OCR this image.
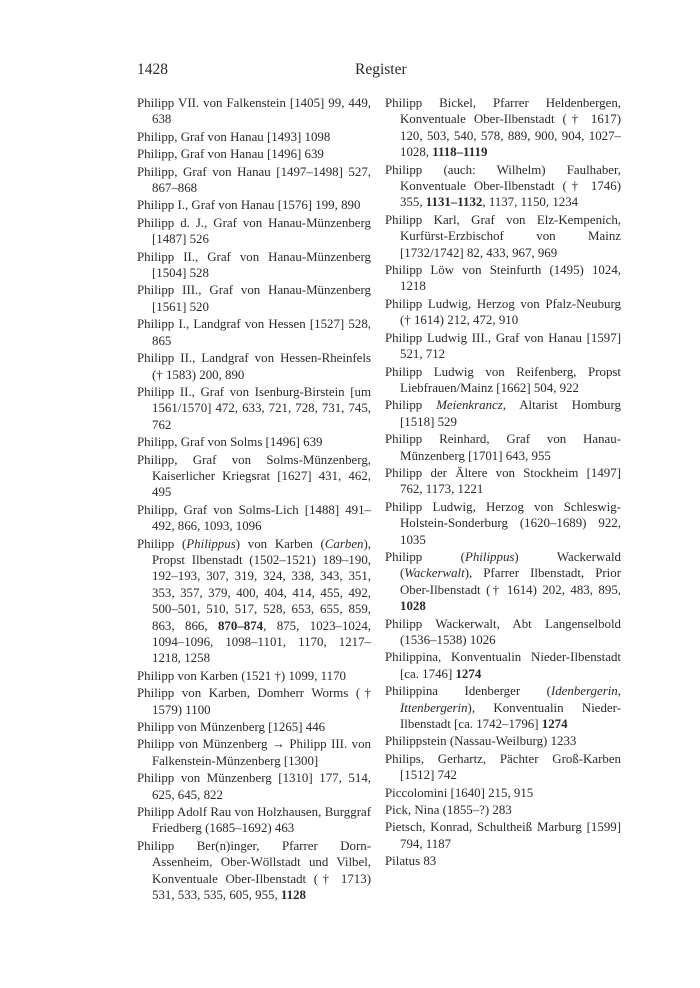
1428	Register
Philipp VII. von Falkenstein [1405] 99, 449, 638
Philipp, Graf von Hanau [1493] 1098
Philipp, Graf von Hanau [1496] 639
Philipp, Graf von Hanau [1497–1498] 527, 867–868
Philipp I., Graf von Hanau [1576] 199, 890
Philipp d. J., Graf von Hanau-Münzenberg [1487] 526
Philipp II., Graf von Hanau-Münzenberg [1504] 528
Philipp III., Graf von Hanau-Münzenberg [1561] 520
Philipp I., Landgraf von Hessen [1527] 528, 865
Philipp II., Landgraf von Hessen-Rheinfels († 1583) 200, 890
Philipp II., Graf von Isenburg-Birstein [um 1561/1570] 472, 633, 721, 728, 731, 745, 762
Philipp, Graf von Solms [1496] 639
Philipp, Graf von Solms-Münzenberg, Kaiserlicher Kriegsrat [1627] 431, 462, 495
Philipp, Graf von Solms-Lich [1488] 491–492, 866, 1093, 1096
Philipp (Philippus) von Karben (Carben), Propst Ilbenstadt (1502–1521) 189–190, 192–193, 307, 319, 324, 338, 343, 351, 353, 357, 379, 400, 404, 414, 455, 492, 500–501, 510, 517, 528, 653, 655, 859, 863, 866, 870–874, 875, 1023–1024, 1094–1096, 1098–1101, 1170, 1217–1218, 1258
Philipp von Karben (1521 †) 1099, 1170
Philipp von Karben, Domherr Worms († 1579) 1100
Philipp von Münzenberg [1265] 446
Philipp von Münzenberg → Philipp III. von Falkenstein-Münzenberg [1300]
Philipp von Münzenberg [1310] 177, 514, 625, 645, 822
Philipp Adolf Rau von Holzhausen, Burggraf Friedberg (1685–1692) 463
Philipp Ber(n)inger, Pfarrer Dorn-Assenheim, Ober-Wöllstadt und Vilbel, Konventuale Ober-Ilbenstadt († 1713) 531, 533, 535, 605, 955, 1128
Philipp Bickel, Pfarrer Heldenbergen, Konventuale Ober-Ilbenstadt († 1617) 120, 503, 540, 578, 889, 900, 904, 1027–1028, 1118–1119
Philipp (auch: Wilhelm) Faulhaber, Konventuale Ober-Ilbenstadt († 1746) 355, 1131–1132, 1137, 1150, 1234
Philipp Karl, Graf von Elz-Kempenich, Kurfürst-Erzbischof von Mainz [1732/1742] 82, 433, 967, 969
Philipp Löw von Steinfurth (1495) 1024, 1218
Philipp Ludwig, Herzog von Pfalz-Neuburg († 1614) 212, 472, 910
Philipp Ludwig III., Graf von Hanau [1597] 521, 712
Philipp Ludwig von Reifenberg, Propst Liebfrauen/Mainz [1662] 504, 922
Philipp Meienkrancz, Altarist Homburg [1518] 529
Philipp Reinhard, Graf von Hanau-Münzenberg [1701] 643, 955
Philipp der Ältere von Stockheim [1497] 762, 1173, 1221
Philipp Ludwig, Herzog von Schleswig-Holstein-Sonderburg (1620–1689) 922, 1035
Philipp (Philippus) Wackerwald (Wackerwalt), Pfarrer Ilbenstadt, Prior Ober-Ilbenstadt († 1614) 202, 483, 895, 1028
Philipp Wackerwalt, Abt Langenselbold (1536–1538) 1026
Philippina, Konventualin Nieder-Ilbenstadt [ca. 1746] 1274
Philippina Idenberger (Idenbergerin, Ittenbergerin), Konventualin Nieder-Ilbenstadt [ca. 1742–1796] 1274
Philippstein (Nassau-Weilburg) 1233
Philips, Gerhartz, Pächter Groß-Karben [1512] 742
Piccolomini [1640] 215, 915
Pick, Nina (1855–?) 283
Pietsch, Konrad, Schultheiß Marburg [1599] 794, 1187
Pilatus 83
